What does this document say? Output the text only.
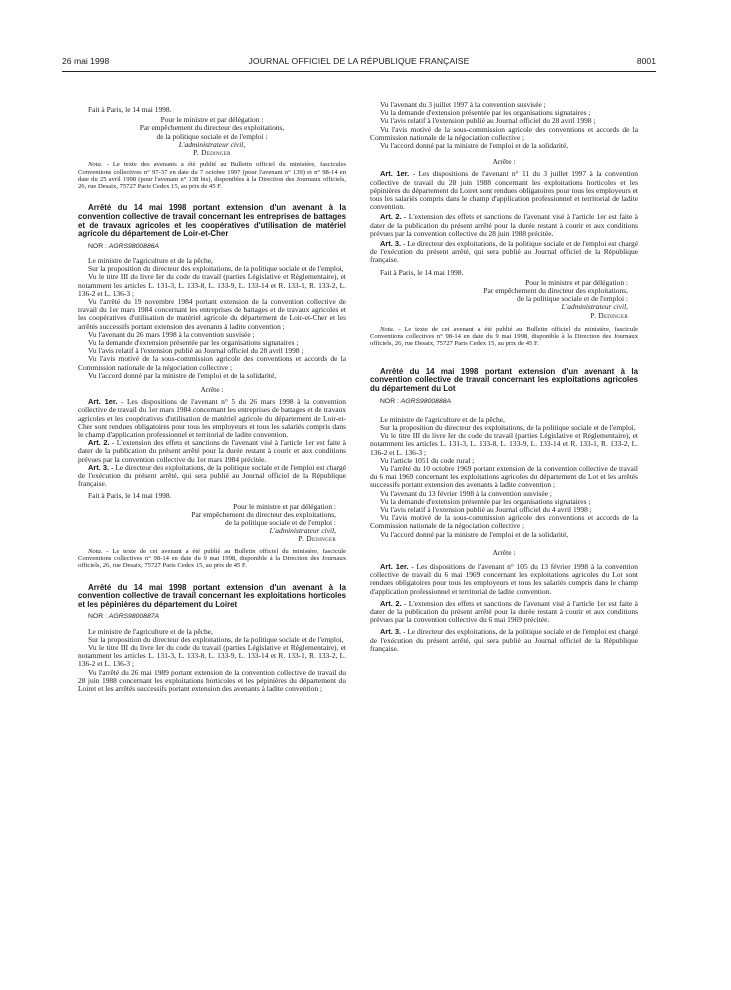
26 mai 1998	JOURNAL OFFICIEL DE LA RÉPUBLIQUE FRANÇAISE	8001

Fait à Paris, le 14 mai 1998.

Pour le ministre et par délégation :

Par empêchement du directeur des exploitations,

de la politique sociale et de l'emploi :

L'administrateur civil,

P. Dedinger

Nota. - Le texte des avenants a été publié au Bulletin officiel du ministère, fascicules Conventions collectives n° 97-37 en date du 7 octobre 1997 (pour l'avenant n° 139) et n° 98-14 en date du 25 avril 1998 (pour l'avenant n° 138 bis), disponibles à la Direction des Journaux officiels, 26, rue Desaix, 75727 Paris Cedex 15, au prix de 45 F.

Arrêté du 14 mai 1998 portant extension d'un avenant à la convention collective de travail concernant les entreprises de battages et de travaux agricoles et les coopératives d'utilisation de matériel agricole du département de Loir-et-Cher

NOR : AGRS9800886A

Le ministre de l'agriculture et de la pêche,

Sur la proposition du directeur des exploitations, de la politique sociale et de l'emploi,

Vu le titre III du livre Ier du code du travail (parties Législative et Réglementaire), et notamment les articles L. 131-3, L. 133-8, L. 133-9, L. 133-14 et R. 133-1, R. 133-2, L. 136-2 et L. 136-3 ;

Vu l'arrêté du 19 novembre 1984 portant extension de la convention collective de travail du 1er mars 1984 concernant les entreprises de battages et de travaux agricoles et les coopératives d'utilisation de matériel agricole du département de Loir-et-Cher et les arrêtés successifs portant extension des avenants à ladite convention ;

Vu l'avenant du 26 mars 1998 à la convention susvisée ;

Vu la demande d'extension présentée par les organisations signataires ;

Vu l'avis relatif à l'extension publié au Journal officiel du 28 avril 1998 ;

Vu l'avis motivé de la sous-commission agricole des conventions et accords de la Commission nationale de la négociation collective ;

Vu l'accord donné par la ministre de l'emploi et de la solidarité,

Arrête :

Art. 1er. - Les dispositions de l'avenant n° 5 du 26 mars 1998 à la convention collective de travail du 1er mars 1984 concernant les entreprises de battages et de travaux agricoles et les coopératives d'utilisation de matériel agricole du département de Loir-et-Cher sont rendues obligatoires pour tous les employeurs et tous les salariés compris dans le champ d'application professionnel et territorial de ladite convention.

Art. 2. - L'extension des effets et sanctions de l'avenant visé à l'article 1er est faite à dater de la publication du présent arrêté pour la durée restant à courir et aux conditions prévues par la convention collective du 1er mars 1984 précitée.

Art. 3. - Le directeur des exploitations, de la politique sociale et de l'emploi est chargé de l'exécution du présent arrêté, qui sera publié au Journal officiel de la République française.

Fait à Paris, le 14 mai 1998.

Pour le ministre et par délégation :

Par empêchement du directeur des exploitations,

de la politique sociale et de l'emploi :

L'administrateur civil,

P. Dedinger

Nota. - Le texte de cet avenant a été publié au Bulletin officiel du ministère, fascicule Conventions collectives n° 98-14 en date du 9 mai 1998, disponible à la Direction des Journaux officiels, 26, rue Desaix, 75727 Paris Cedex 15, au prix de 45 F.

Arrêté du 14 mai 1998 portant extension d'un avenant à la convention collective de travail concernant les exploitations horticoles et les pépinières du département du Loiret

NOR : AGRS9800887A

Le ministre de l'agriculture et de la pêche,

Sur la proposition du directeur des exploitations, de la politique sociale et de l'emploi,

Vu le titre III du livre Ier du code du travail (parties Législative et Réglementaire), et notamment les articles L. 131-3, L. 133-8, L. 133-9, L. 133-14 et R. 133-1, R. 133-2, L. 136-2 et L. 136-3 ;

Vu l'arrêté du 26 mai 1989 portant extension de la convention collective de travail du 28 juin 1988 concernant les exploitations horticoles et les pépinières du département du Loiret et les arrêtés successifs portant extension des avenants à ladite convention ;

Vu l'avenant du 3 juillet 1997 à la convention susvisée ;

Vu la demande d'extension présentée par les organisations signataires ;

Vu l'avis relatif à l'extension publié au Journal officiel du 28 avril 1998 ;

Vu l'avis motivé de la sous-commission agricole des conventions et accords de la Commission nationale de la négociation collective ;

Vu l'accord donné par la ministre de l'emploi et de la solidarité,

Arrête :

Art. 1er. - Les dispositions de l'avenant n° 11 du 3 juillet 1997 à la convention collective de travail du 28 juin 1988 concernant les exploitations horticoles et les pépinières du département du Loiret sont rendues obligatoires pour tous les employeurs et tous les salariés compris dans le champ d'application professionnel et territorial de ladite convention.

Art. 2. - L'extension des effets et sanctions de l'avenant visé à l'article 1er est faite à dater de la publication du présent arrêté pour la durée restant à courir et aux conditions prévues par la convention collective du 28 juin 1988 précitée.

Art. 3. - Le directeur des exploitations, de la politique sociale et de l'emploi est chargé de l'exécution du présent arrêté, qui sera publié au Journal officiel de la République française.

Fait à Paris, le 14 mai 1998.

Pour le ministre et par délégation :

Par empêchement du directeur des exploitations,

de la politique sociale et de l'emploi :

L'administrateur civil,

P. Dedinger

Nota. - Le texte de cet avenant a été publié au Bulletin officiel du ministère, fascicule Conventions collectives n° 98-14 en date du 9 mai 1998, disponible à la Direction des Journaux officiels, 26, rue Desaix, 75727 Paris Cedex 15, au prix de 45 F.

Arrêté du 14 mai 1998 portant extension d'un avenant à la convention collective de travail concernant les exploitations agricoles du département du Lot

NOR : AGRS9800888A

Le ministre de l'agriculture et de la pêche,

Sur la proposition du directeur des exploitations, de la politique sociale et de l'emploi,

Vu le titre III du livre Ier du code du travail (parties Législative et Réglementaire), et notamment les articles L. 131-3, L. 133-8, L. 133-9, L. 133-14 et R. 133-1, R. 133-2, L. 136-2 et L. 136-3 ;

Vu l'article 1051 du code rural ;

Vu l'arrêté du 10 octobre 1969 portant extension de la convention collective de travail du 6 mai 1969 concernant les exploitations agricoles du département du Lot et les arrêtés successifs portant extension des avenants à ladite convention ;

Vu l'avenant du 13 février 1998 à la convention susvisée ;

Vu la demande d'extension présentée par les organisations signataires ;

Vu l'avis relatif à l'extension publié au Journal officiel du 4 avril 1998 ;

Vu l'avis motivé de la sous-commission agricole des conventions et accords de la Commission nationale de la négociation collective ;

Vu l'accord donné par la ministre de l'emploi et de la solidarité,

Arrête :

Art. 1er. - Les dispositions de l'avenant n° 105 du 13 février 1998 à la convention collective de travail du 6 mai 1969 concernant les exploitations agricoles du Lot sont rendues obligatoires pour tous les employeurs et tous les salariés compris dans le champ d'application professionnel et territorial de ladite convention.

Art. 2. - L'extension des effets et sanctions de l'avenant visé à l'article 1er est faite à dater de la publication du présent arrêté pour la durée restant à courir et aux conditions prévues par la convention collective du 6 mai 1969 précitée.

Art. 3. - Le directeur des exploitations, de la politique sociale et de l'emploi est chargé de l'exécution du présent arrêté, qui sera publié au Journal officiel de la République française.
